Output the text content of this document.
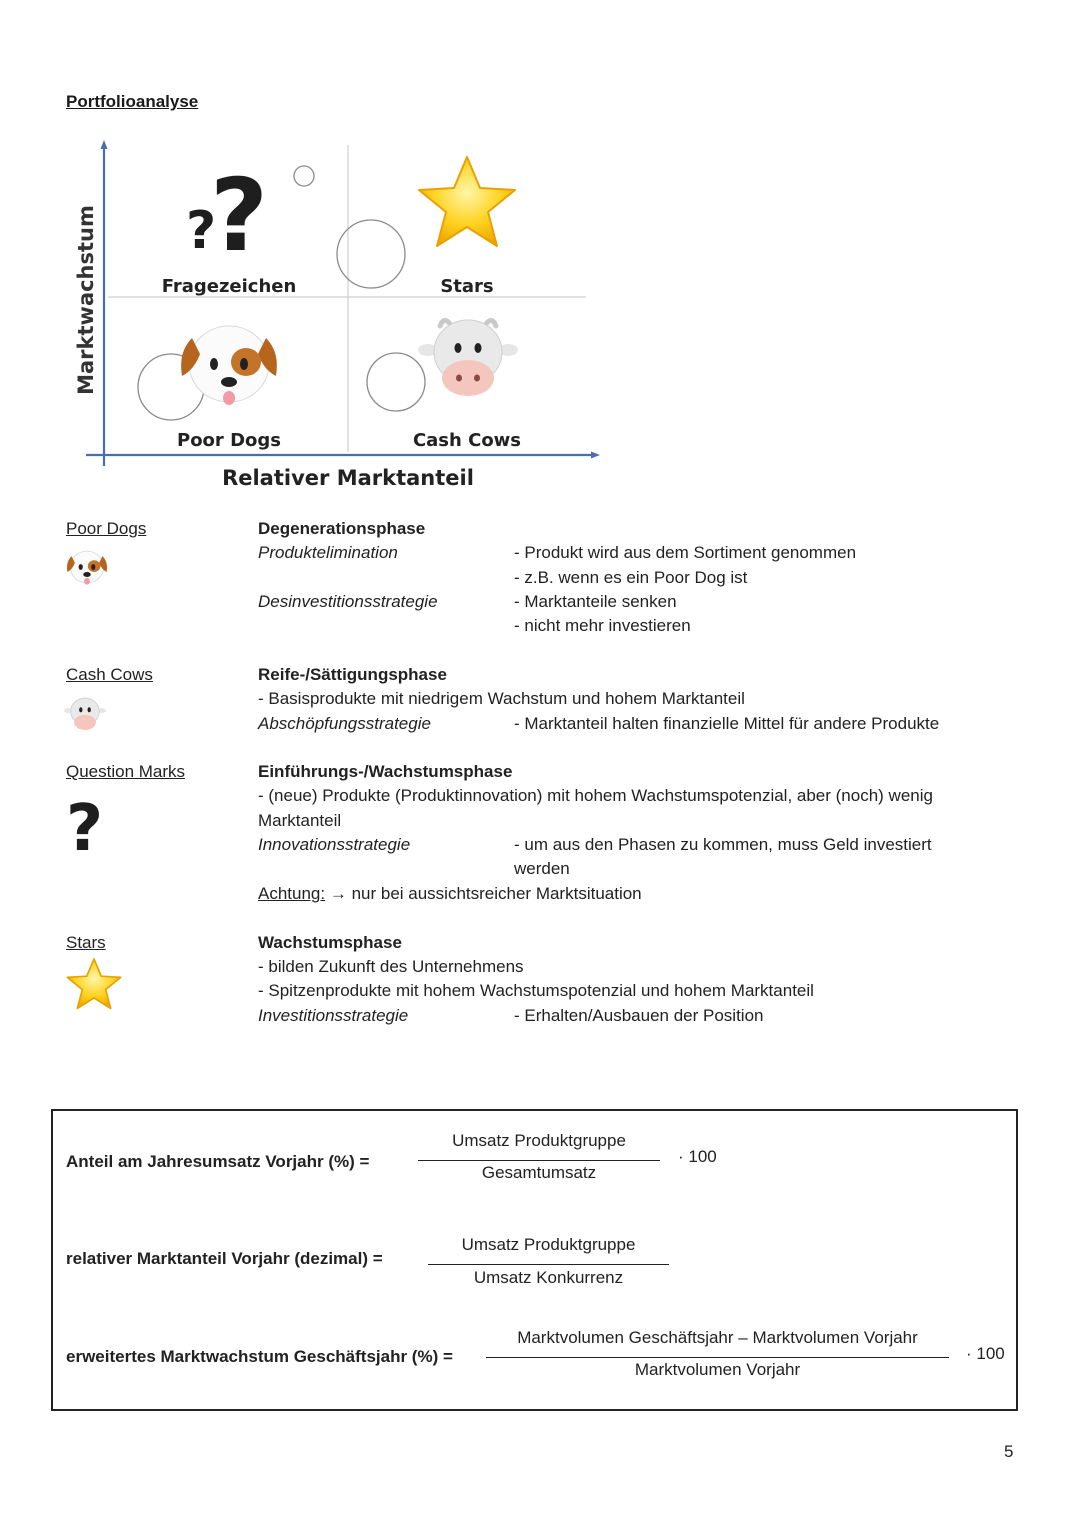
Portfolioanalyse
?
?
Fragezeichen	Stars
Poor Dogs	Cash Cows
Marktwachstum
Relativer Marktanteil
Poor Dogs	Degenerationsphase
Produktelimination	- Produkt wird aus dem Sortiment genommen
- z.B. wenn es ein Poor Dog ist
Desinvestitionsstrategie	- Marktanteile senken
- nicht mehr investieren
Cash Cows	Reife-/Sättigungsphase
- Basisprodukte mit niedrigem Wachstum und hohem Marktanteil
Abschöpfungsstrategie	- Marktanteil halten finanzielle Mittel für andere Produkte
Question Marks
?
Einführungs-/Wachstumsphase
- (neue) Produkte (Produktinnovation) mit hohem Wachstumspotenzial, aber (noch) wenig
Marktanteil
Innovationsstrategie	- um aus den Phasen zu kommen, muss Geld investiert
werden
Achtung: → nur bei aussichtsreicher Marktsituation
Stars	Wachstumsphase
- bilden Zukunft des Unternehmens
- Spitzenprodukte mit hohem Wachstumspotenzial und hohem Marktanteil
Investitionsstrategie	- Erhalten/Ausbauen der Position
Anteil am Jahresumsatz Vorjahr (%) =
Umsatz Produktgruppe
Gesamtumsatz
· 100
relativer Marktanteil Vorjahr (dezimal) =
Umsatz Produktgruppe
Umsatz Konkurrenz
erweitertes Marktwachstum Geschäftsjahr (%) =
Marktvolumen Geschäftsjahr – Marktvolumen Vorjahr
Marktvolumen Vorjahr
· 100
5
